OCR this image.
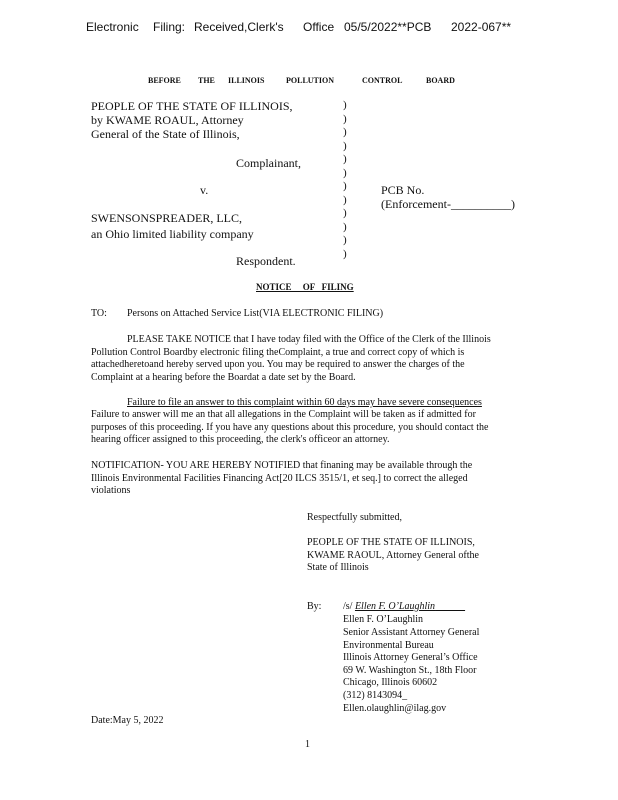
Electronic Filing: Received,Clerk's Office 05/5/2022**PCB 2022-067**
BEFORE THE ILLINOIS	POLLUTION	CONTROL	BOARD
PEOPLE OF THE STATE OF ILLINOIS,
by KWAME ROAUL, Attorney
General of the State of Illinois,
Complainant,
v.
SWENSONSPREADER, LLC,
an Ohio limited liability company
Respondent.
)
)
)
)
)
)
)
)
)
)
)
)
PCB No.
(Enforcement-__________)
NOTICE     OF   FILING
TO: Persons on Attached Service List(VIA ELECTRONIC FILING)
PLEASE TAKE NOTICE that I have today filed with the Office of the Clerk of the Illinois
Pollution Control Boardby electronic filing theComplaint, a true and correct copy of which is
attachedheretoand hereby served upon you. You may be required to answer the charges of the
Complaint at a hearing before the Boardat a date set by the Board.
Failure to file an answer to this complaint within 60 days may have severe consequences
Failure to answer will me an that all allegations in the Complaint will be taken as if admitted for
purposes of this proceeding. If you have any questions about this procedure, you should contact the
hearing officer assigned to this proceeding, the clerk's officeor an attorney.
NOTIFICATION- YOU ARE HEREBY NOTIFIED that finaning may be available through the
Illinois Environmental Facilities Financing Act[20 ILCS 3515/1, et seq.] to correct the alleged
violations
Respectfully submitted,
PEOPLE OF THE STATE OF ILLINOIS,
KWAME RAOUL, Attorney General ofthe
State of Illinois
By: /s/ Ellen F. O’Laughlin______
Ellen F. O’Laughlin
Senior Assistant Attorney General
Environmental Bureau
Illinois Attorney General’s Office
69 W. Washington St., 18th Floor
Chicago, Illinois 60602
(312) 8143094_
Ellen.olaughlin@ilag.gov
Date:May 5, 2022
1
